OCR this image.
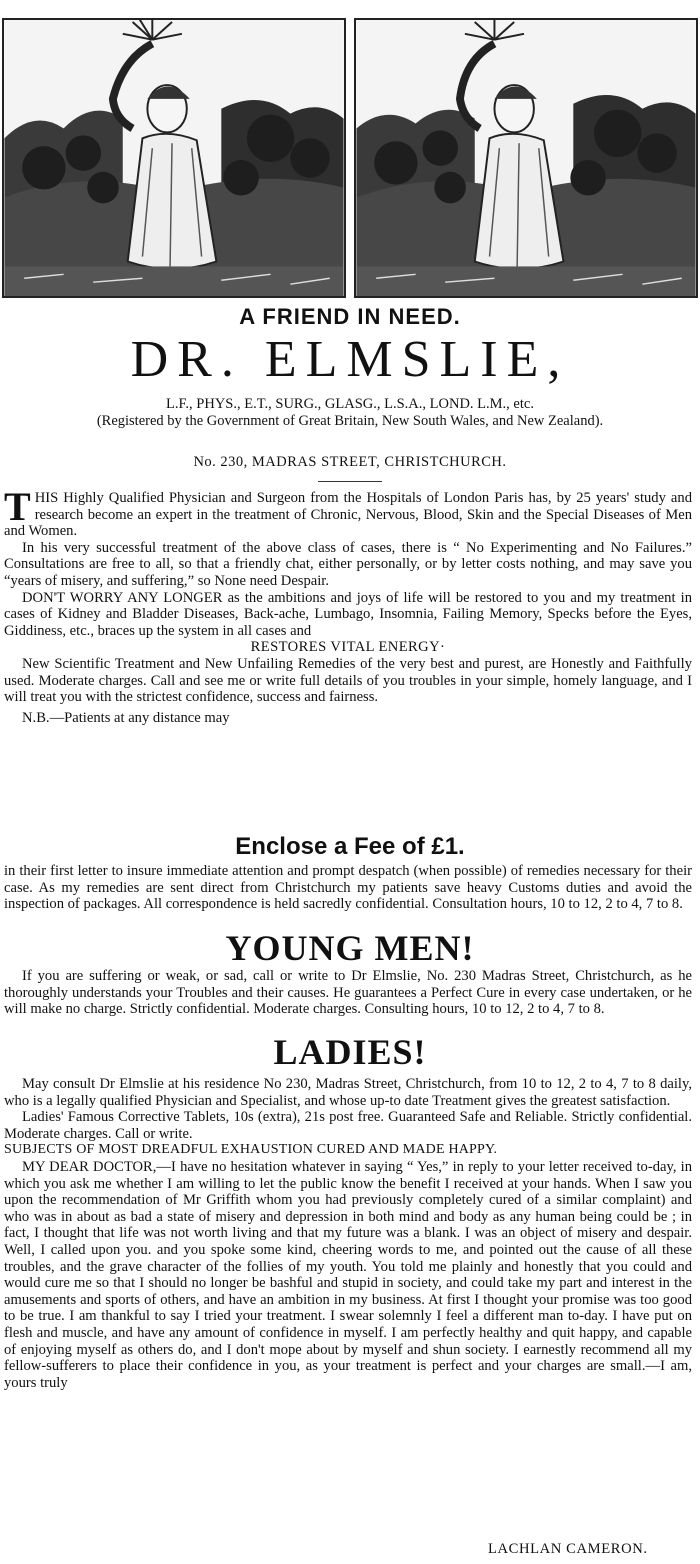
A FRIEND IN NEED.
DR. ELMSLIE,
L.F., PHYS., E.T., SURG., GLASG., L.S.A., LOND. L.M., etc.
(Registered by the Government of Great Britain, New South Wales, and New Zealand).
No. 230, MADRAS STREET, CHRISTCHURCH.

THIS Highly Qualified Physician and Surgeon from the Hospitals of London Paris has, by 25 years' study and research become an expert in the treatment of Chronic, Nervous, Blood, Skin and the Special Diseases of Men and Women.

In his very successful treatment of the above class of cases, there is “ No Experimenting and No Failures.” Consultations are free to all, so that a friendly chat, either personally, or by letter costs nothing, and may save you “years of misery, and suffering,” so None need Despair.

DON'T WORRY ANY LONGER as the ambitions and joys of life will be restored to you and my treatment in cases of Kidney and Bladder Diseases, Back-ache, Lumbago, Insomnia, Failing Memory, Specks before the Eyes, Giddiness, etc., braces up the system in all cases and

RESTORES VITAL ENERGY·

New Scientific Treatment and New Unfailing Remedies of the very best and purest, are Honestly and Faithfully used. Moderate charges. Call and see me or write full details of you troubles in your simple, homely language, and I will treat you with the strictest confidence, success and fairness.

N.B.—Patients at any distance may

Enclose a Fee of £1.

in their first letter to insure immediate attention and prompt despatch (when possible) of remedies necessary for their case. As my remedies are sent direct from Christchurch my patients save heavy Customs duties and avoid the inspection of packages. All correspondence is held sacredly confidential. Consultation hours, 10 to 12, 2 to 4, 7 to 8.

YOUNG MEN!

If you are suffering or weak, or sad, call or write to Dr Elmslie, No. 230 Madras Street, Christchurch, as he thoroughly understands your Troubles and their causes. He guarantees a Perfect Cure in every case undertaken, or he will make no charge. Strictly confidential. Moderate charges. Consulting hours, 10 to 12, 2 to 4, 7 to 8.

LADIES!

May consult Dr Elmslie at his residence No 230, Madras Street, Christchurch, from 10 to 12, 2 to 4, 7 to 8 daily, who is a legally qualified Physician and Specialist, and whose up-to date Treatment gives the greatest satisfaction.

Ladies' Famous Corrective Tablets, 10s (extra), 21s post free. Guaranteed Safe and Reliable. Strictly confidential. Moderate charges. Call or write.

SUBJECTS OF MOST DREADFUL EXHAUSTION CURED AND MADE HAPPY.

MY DEAR DOCTOR,—I have no hesitation whatever in saying “ Yes,” in reply to your letter received to-day, in which you ask me whether I am willing to let the public know the benefit I received at your hands. When I saw you upon the recommendation of Mr Griffith whom you had previously completely cured of a similar complaint) and who was in about as bad a state of misery and depression in both mind and body as any human being could be ; in fact, I thought that life was not worth living and that my future was a blank. I was an object of misery and despair. Well, I called upon you. and you spoke some kind, cheering words to me, and pointed out the cause of all these troubles, and the grave character of the follies of my youth. You told me plainly and honestly that you could and would cure me so that I should no longer be bashful and stupid in society, and could take my part and interest in the amusements and sports of others, and have an ambition in my business. At first I thought your promise was too good to be true. I am thankful to say I tried your treatment. I swear solemnly I feel a different man to-day. I have put on flesh and muscle, and have any amount of confidence in myself. I am perfectly healthy and quit happy, and capable of enjoying myself as others do, and I don't mope about by myself and shun society. I earnestly recommend all my fellow-sufferers to place their confidence in you, as your treatment is perfect and your charges are small.—I am, yours truly

LACHLAN CAMERON.
